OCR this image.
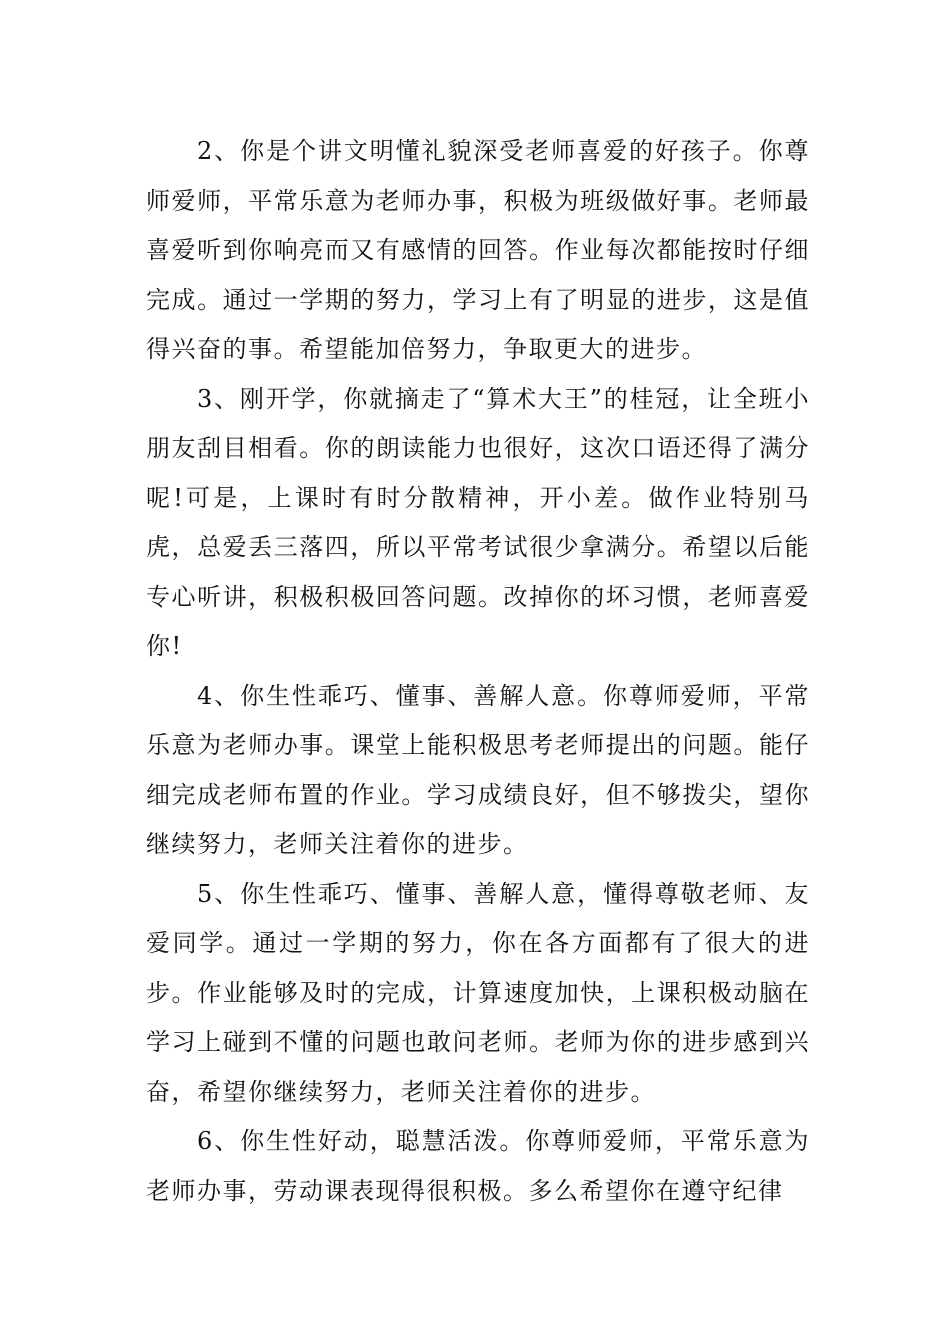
2、你是个讲文明懂礼貌深受老师喜爱的好孩子。你尊师爱师，平常乐意为老师办事，积极为班级做好事。老师最喜爱听到你响亮而又有感情的回答。作业每次都能按时仔细完成。通过一学期的努力，学习上有了明显的进步，这是值得兴奋的事。希望能加倍努力，争取更大的进步。

3、刚开学，你就摘走了“算术大王”的桂冠，让全班小朋友刮目相看。你的朗读能力也很好，这次口语还得了满分呢!可是，上课时有时分散精神，开小差。做作业特别马虎，总爱丢三落四，所以平常考试很少拿满分。希望以后能专心听讲，积极积极回答问题。改掉你的坏习惯，老师喜爱你!

4、你生性乖巧、懂事、善解人意。你尊师爱师，平常乐意为老师办事。课堂上能积极思考老师提出的问题。能仔细完成老师布置的作业。学习成绩良好，但不够拨尖，望你继续努力，老师关注着你的进步。

5、你生性乖巧、懂事、善解人意，懂得尊敬老师、友爱同学。通过一学期的努力，你在各方面都有了很大的进步。作业能够及时的完成，计算速度加快，上课积极动脑在学习上碰到不懂的问题也敢问老师。老师为你的进步感到兴奋，希望你继续努力，老师关注着你的进步。

6、你生性好动，聪慧活泼。你尊师爱师，平常乐意为老师办事，劳动课表现得很积极。多么希望你在遵守纪律
